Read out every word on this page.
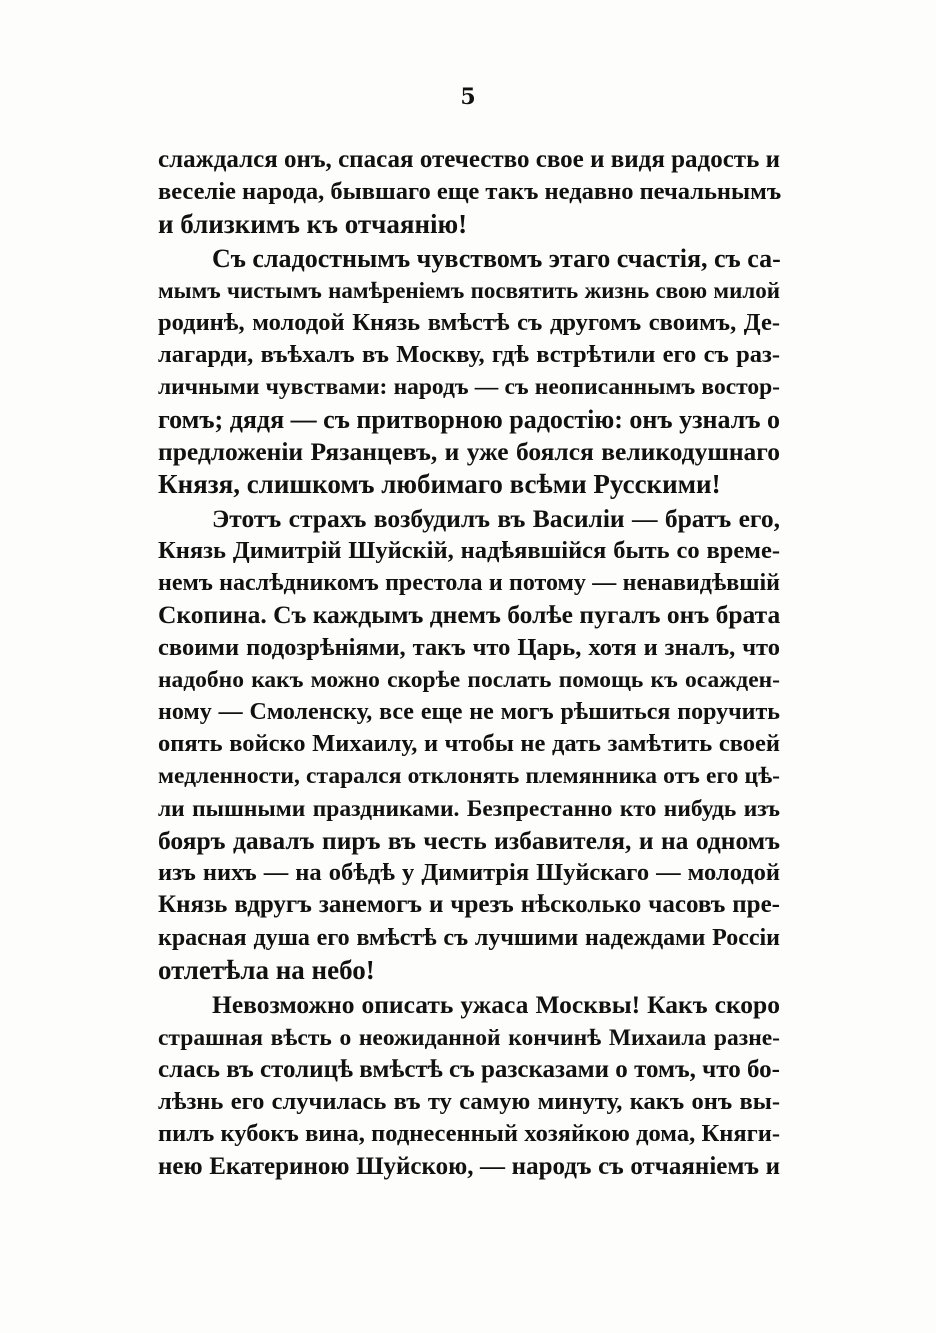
5
слаждался онъ, спасая отечество свое и видя радость и
веселіе народа, бывшаго еще такъ недавно печальнымъ
и близкимъ къ отчаянію!
Съ сладостнымъ чувствомъ этаго счастія, съ са-
мымъ чистымъ намѣреніемъ посвятить жизнь свою милой
родинѣ, молодой Князь вмѣстѣ съ другомъ своимъ, Де-
лагарди, въѣхалъ въ Москву, гдѣ встрѣтили его съ раз-
личными чувствами: народъ — съ неописаннымъ востор-
гомъ; дядя — съ притворною радостію: онъ узналъ о
предложеніи Рязанцевъ, и уже боялся великодушнаго
Князя, слишкомъ любимаго всѣми Русскими!
Этотъ страхъ возбудилъ въ Василіи — братъ его,
Князь Димитрій Шуйскій, надѣявшійся быть со време-
немъ наслѣдникомъ престола и потому — ненавидѣвшій
Скопина. Съ каждымъ днемъ болѣе пугалъ онъ брата
своими подозрѣніями, такъ что Царь, хотя и зналъ, что
надобно какъ можно скорѣе послать помощь къ осажден-
ному — Смоленску, все еще не могъ рѣшиться поручить
опять войско Михаилу, и чтобы не дать замѣтить своей
медленности, старался отклонять племянника отъ его цѣ-
ли пышными праздниками. Безпрестанно кто нибудь изъ
бояръ давалъ пиръ въ честь избавителя, и на одномъ
изъ нихъ — на обѣдѣ у Димитрія Шуйскаго — молодой
Князь вдругъ занемогъ и чрезъ нѣсколько часовъ пре-
красная душа его вмѣстѣ съ лучшими надеждами Россіи
отлетѣла на небо!
Невозможно описать ужаса Москвы! Какъ скоро
страшная вѣсть о неожиданной кончинѣ Михаила разне-
слась въ столицѣ вмѣстѣ съ разсказами о томъ, что бо-
лѣзнь его случилась въ ту самую минуту, какъ онъ вы-
пилъ кубокъ вина, поднесенный хозяйкою дома, Княги-
нею Екатериною Шуйскою, — народъ съ отчаяніемъ и
